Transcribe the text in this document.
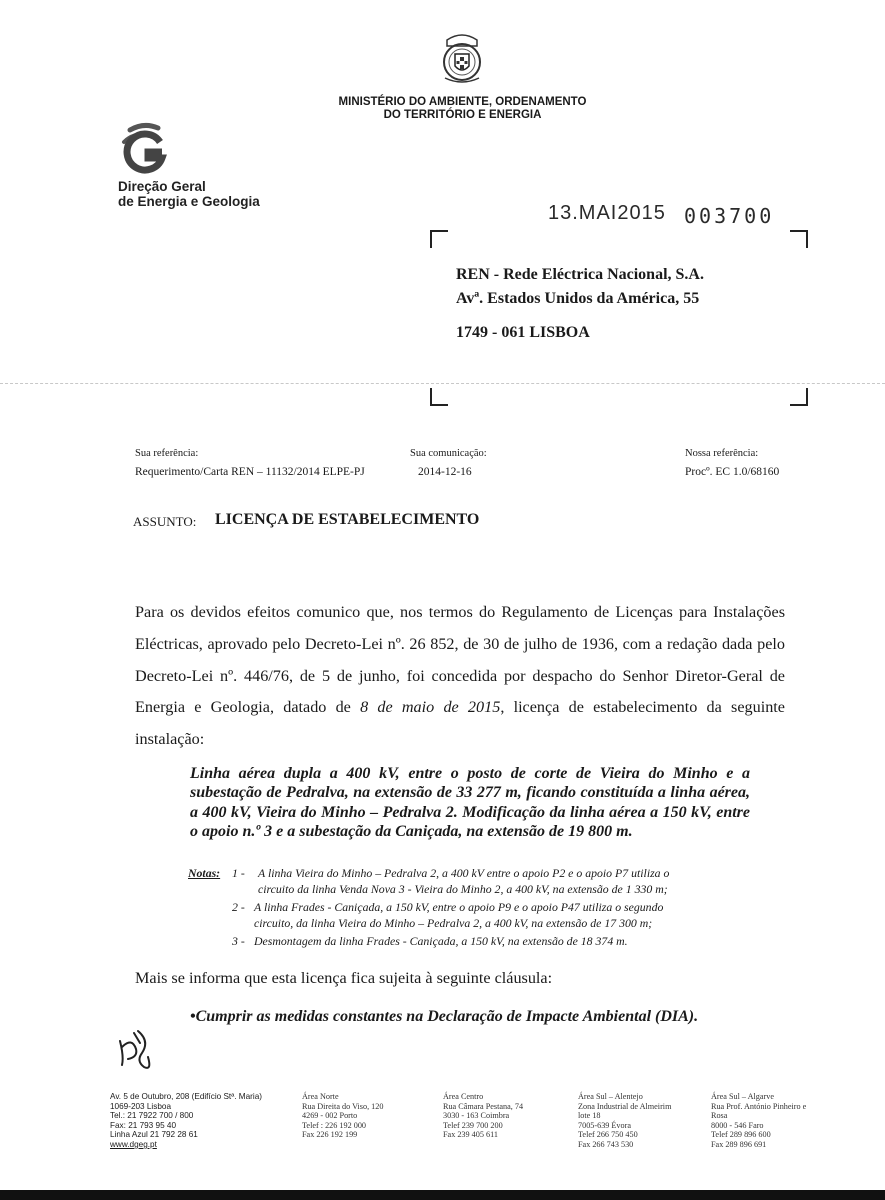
MINISTÉRIO DO AMBIENTE, ORDENAMENTO
DO TERRITÓRIO E ENERGIA
Direção Geral
de Energia e Geologia
13.MAI2015 003700
REN - Rede Eléctrica Nacional, S.A.
Avª. Estados Unidos da América, 55
1749 - 061 LISBOA
Sua referência:
Requerimento/Carta REN – 11132/2014 ELPE-PJ
Sua comunicação:
2014-12-16
Nossa referência:
Procº. EC 1.0/68160
ASSUNTO: LICENÇA DE ESTABELECIMENTO
Para os devidos efeitos comunico que, nos termos do Regulamento de Licenças para Instalações Eléctricas, aprovado pelo Decreto-Lei nº. 26 852, de 30 de julho de 1936, com a redação dada pelo Decreto-Lei nº. 446/76, de 5 de junho, foi concedida por despacho do Senhor Diretor-Geral de Energia e Geologia, datado de 8 de maio de 2015, licença de estabelecimento da seguinte instalação:
Linha aérea dupla a 400 kV, entre o posto de corte de Vieira do Minho e a subestação de Pedralva, na extensão de 33 277 m, ficando constituída a linha aérea, a 400 kV, Vieira do Minho – Pedralva 2. Modificação da linha aérea a 150 kV, entre o apoio n.º 3 e a subestação da Caniçada, na extensão de 19 800 m.
Notas: 1 - A linha Vieira do Minho – Pedralva 2, a 400 kV entre o apoio P2 e o apoio P7 utiliza o
circuito da linha Venda Nova 3 - Vieira do Minho 2, a 400 kV, na extensão de 1 330 m;
2 - A linha Frades - Caniçada, a 150 kV, entre o apoio P9 e o apoio P47 utiliza o segundo
circuito, da linha Vieira do Minho – Pedralva 2, a 400 kV, na extensão de 17 300 m;
3 - Desmontagem da linha Frades - Caniçada, a 150 kV, na extensão de 18 374 m.
Mais se informa que esta licença fica sujeita à seguinte cláusula:
•Cumprir as medidas constantes na Declaração de Impacte Ambiental (DIA).
Av. 5 de Outubro, 208 (Edifício Stª. Maria)
1069-203 Lisboa
Tel.: 21 7922 700 / 800
Fax: 21 793 95 40
Linha Azul 21 792 28 61
www.dgeg.pt
Área Norte
Rua Direita do Viso, 120
4269 - 002 Porto
Telef : 226 192 000
Fax 226 192 199
Área Centro
Rua Câmara Pestana, 74
3030 - 163 Coimbra
Telef 239 700 200
Fax 239 405 611
Área Sul – Alentejo
Zona Industrial de Almeirim
lote 18
7005-639 Évora
Telef 266 750 450
Fax 266 743 530
Área Sul – Algarve
Rua Prof. António Pinheiro e
Rosa
8000 - 546 Faro
Telef 289 896 600
Fax 289 896 691
